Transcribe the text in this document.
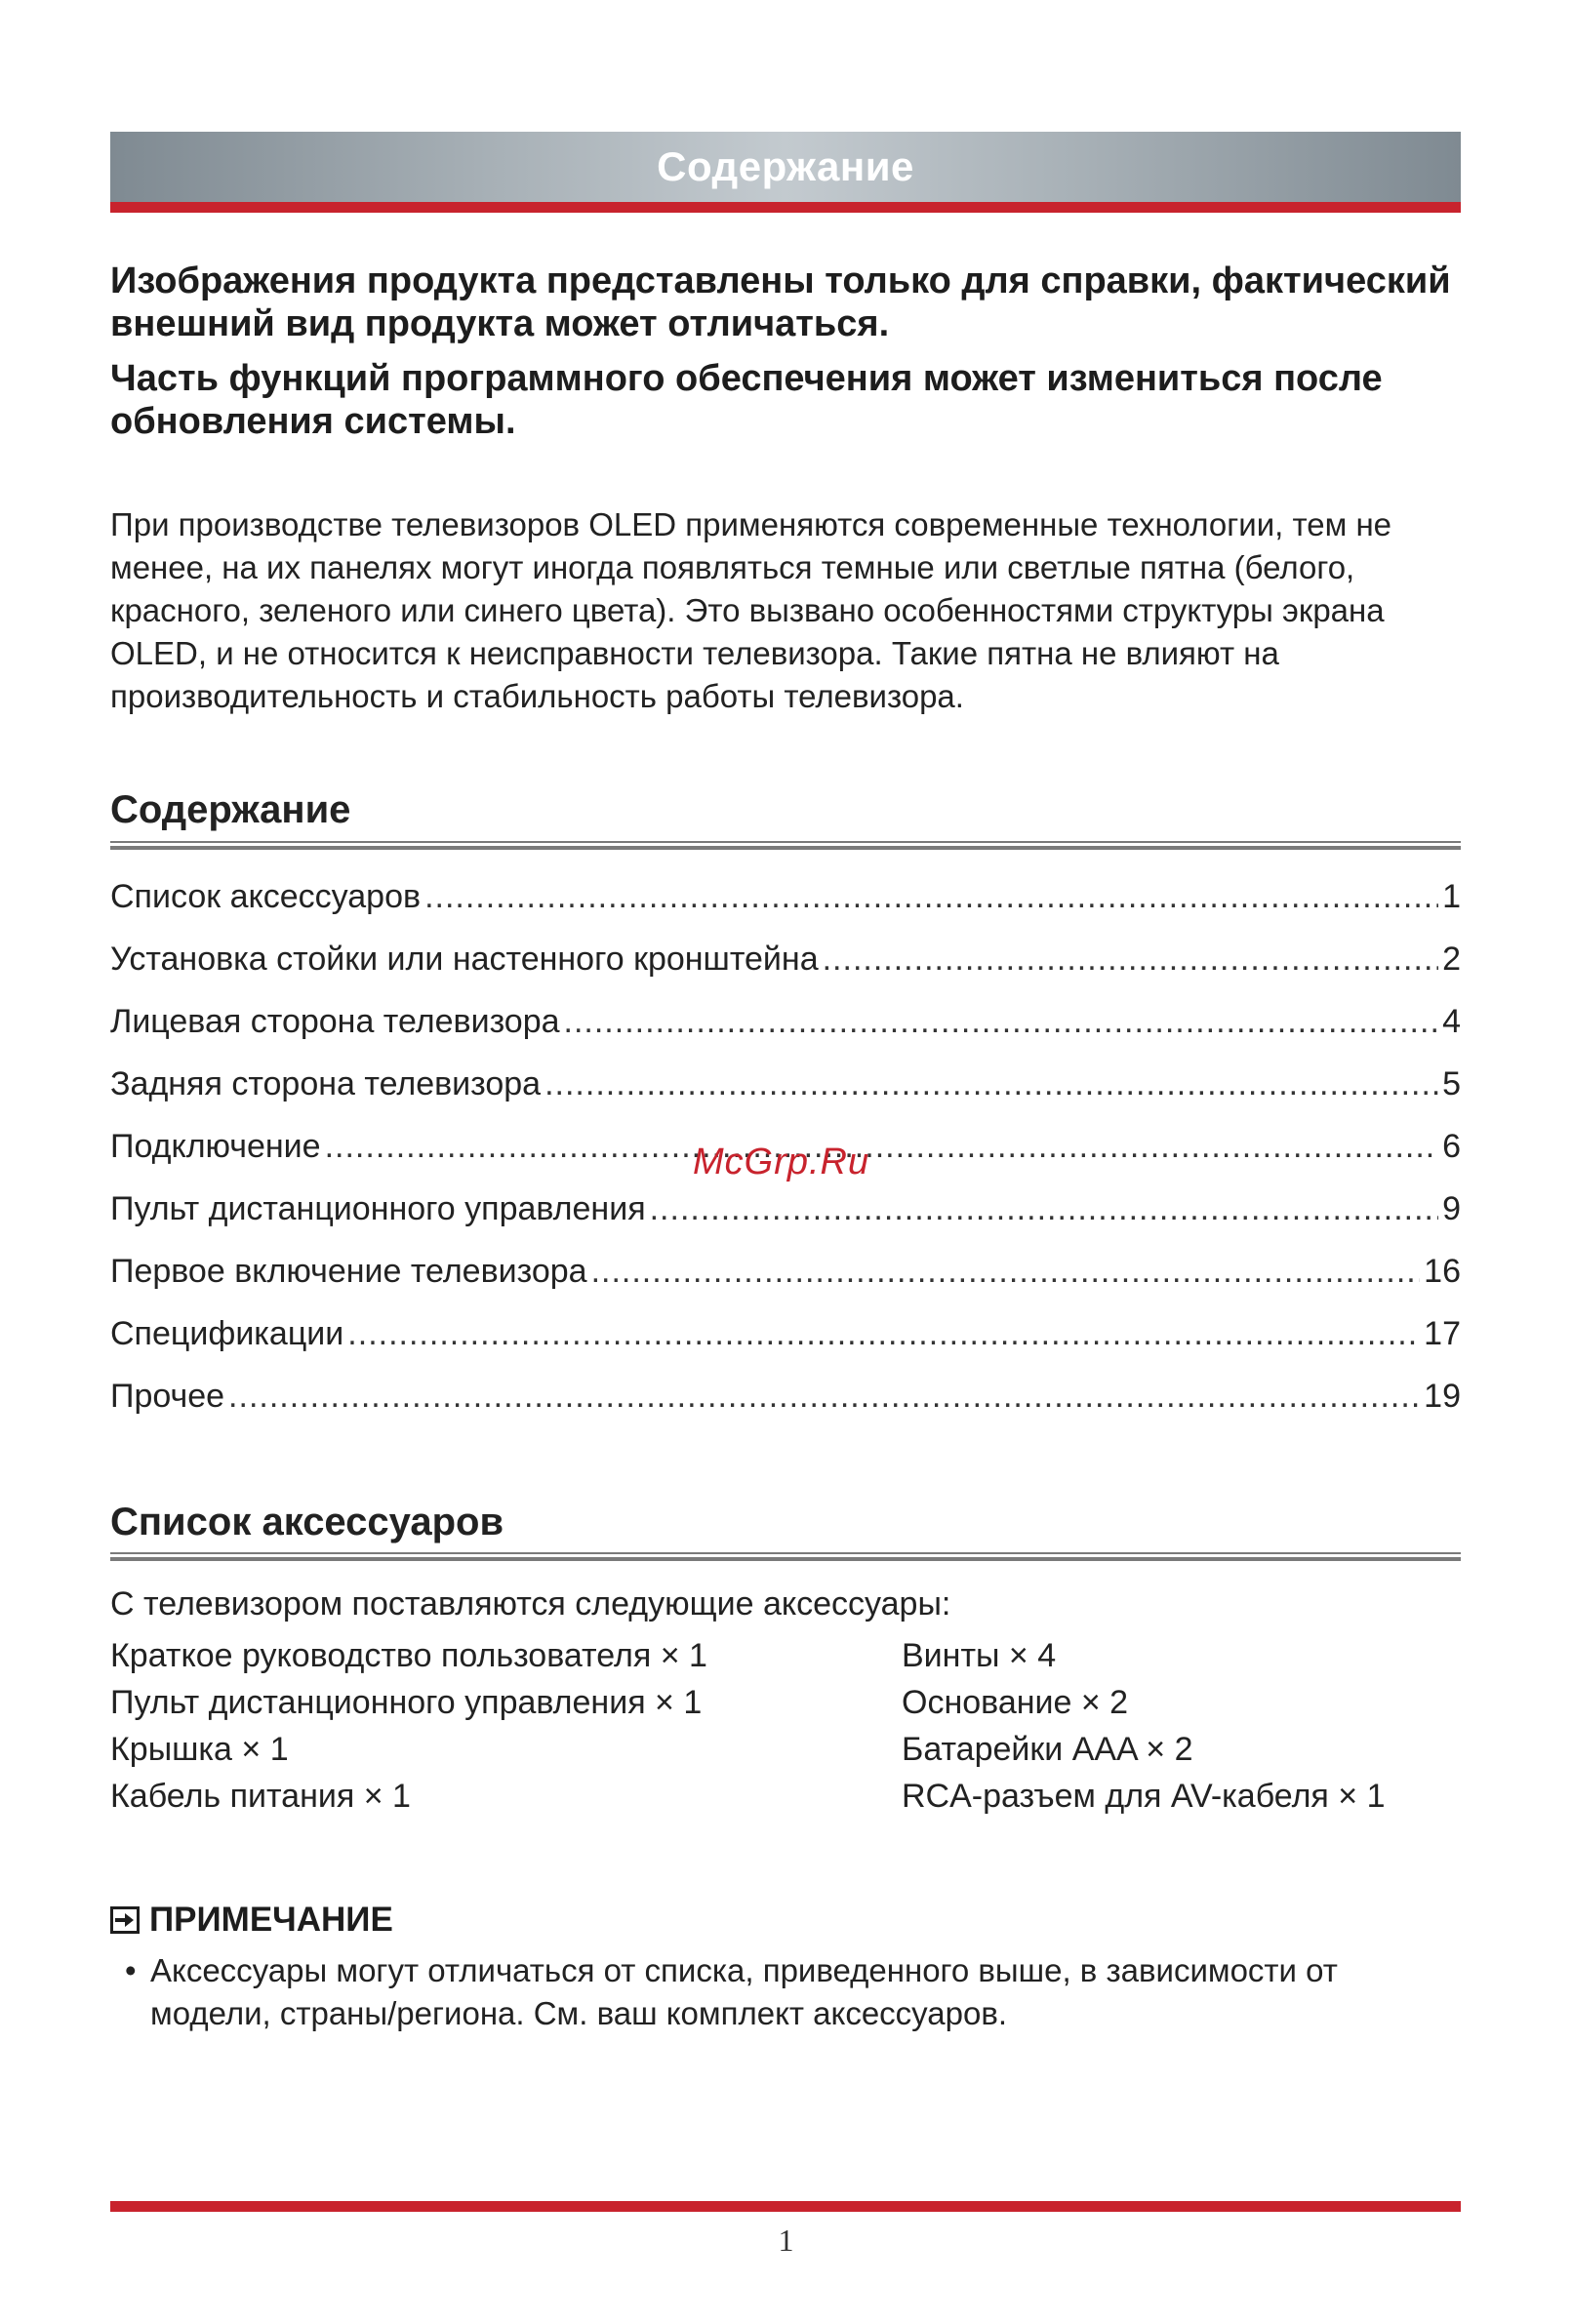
Содержание
Изображения продукта представлены только для справки, фактический внешний вид продукта может отличаться.
Часть функций программного обеспечения может измениться после обновления системы.
При производстве телевизоров OLED применяются современные технологии, тем не менее, на их панелях могут иногда появляться темные или светлые пятна (белого, красного, зеленого или синего цвета). Это вызвано особенностями структуры экрана OLED, и не относится к неисправности телевизора. Такие пятна не влияют на производительность и стабильность работы телевизора.
Содержание
Список аксессуаров .....	1
Установка стойки или настенного кронштейна .....	2
Лицевая сторона телевизора .....	4
Задняя сторона телевизора .....	5
Подключение .....	6
Пульт дистанционного управления .....	9
Первое включение телевизора .....	16
Спецификации .....	17
Прочее .....	19
McGrp.Ru
Список аксессуаров
С телевизором поставляются следующие аксессуары:
Краткое руководство пользователя × 1
Пульт дистанционного управления × 1
Крышка × 1
Кабель питания × 1
Винты × 4
Основание × 2
Батарейки AAA × 2
RCA-разъем для AV-кабеля × 1
ПРИМЕЧАНИЕ
• Аксессуары могут отличаться от списка, приведенного выше, в зависимости от модели, страны/региона. См. ваш комплект аксессуаров.
1
